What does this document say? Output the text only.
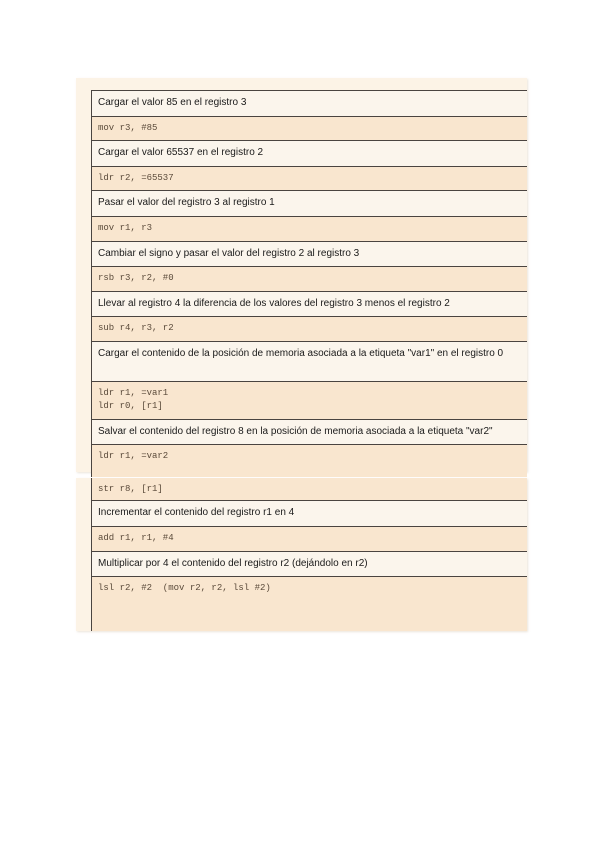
Cargar el valor 85 en el registro 3
mov r3, #85
Cargar el valor 65537 en el registro 2
ldr r2, =65537
Pasar el valor del registro 3 al registro 1
mov r1, r3
Cambiar el signo y pasar el valor del registro 2 al registro 3
rsb r3, r2, #0
Llevar al registro 4 la diferencia de los valores del registro 3 menos el registro 2
sub r4, r3, r2
Cargar el contenido de la posición de memoria asociada a la etiqueta "var1" en el registro 0
ldr r1, =var1
ldr r0, [r1]
Salvar el contenido del registro 8 en la posición de memoria asociada a la etiqueta "var2"
ldr r1, =var2
str r8, [r1]
Incrementar el contenido del registro r1 en 4
add r1, r1, #4
Multiplicar por 4 el contenido del registro r2 (dejándolo en r2)
lsl r2, #2  (mov r2, r2, lsl #2)
